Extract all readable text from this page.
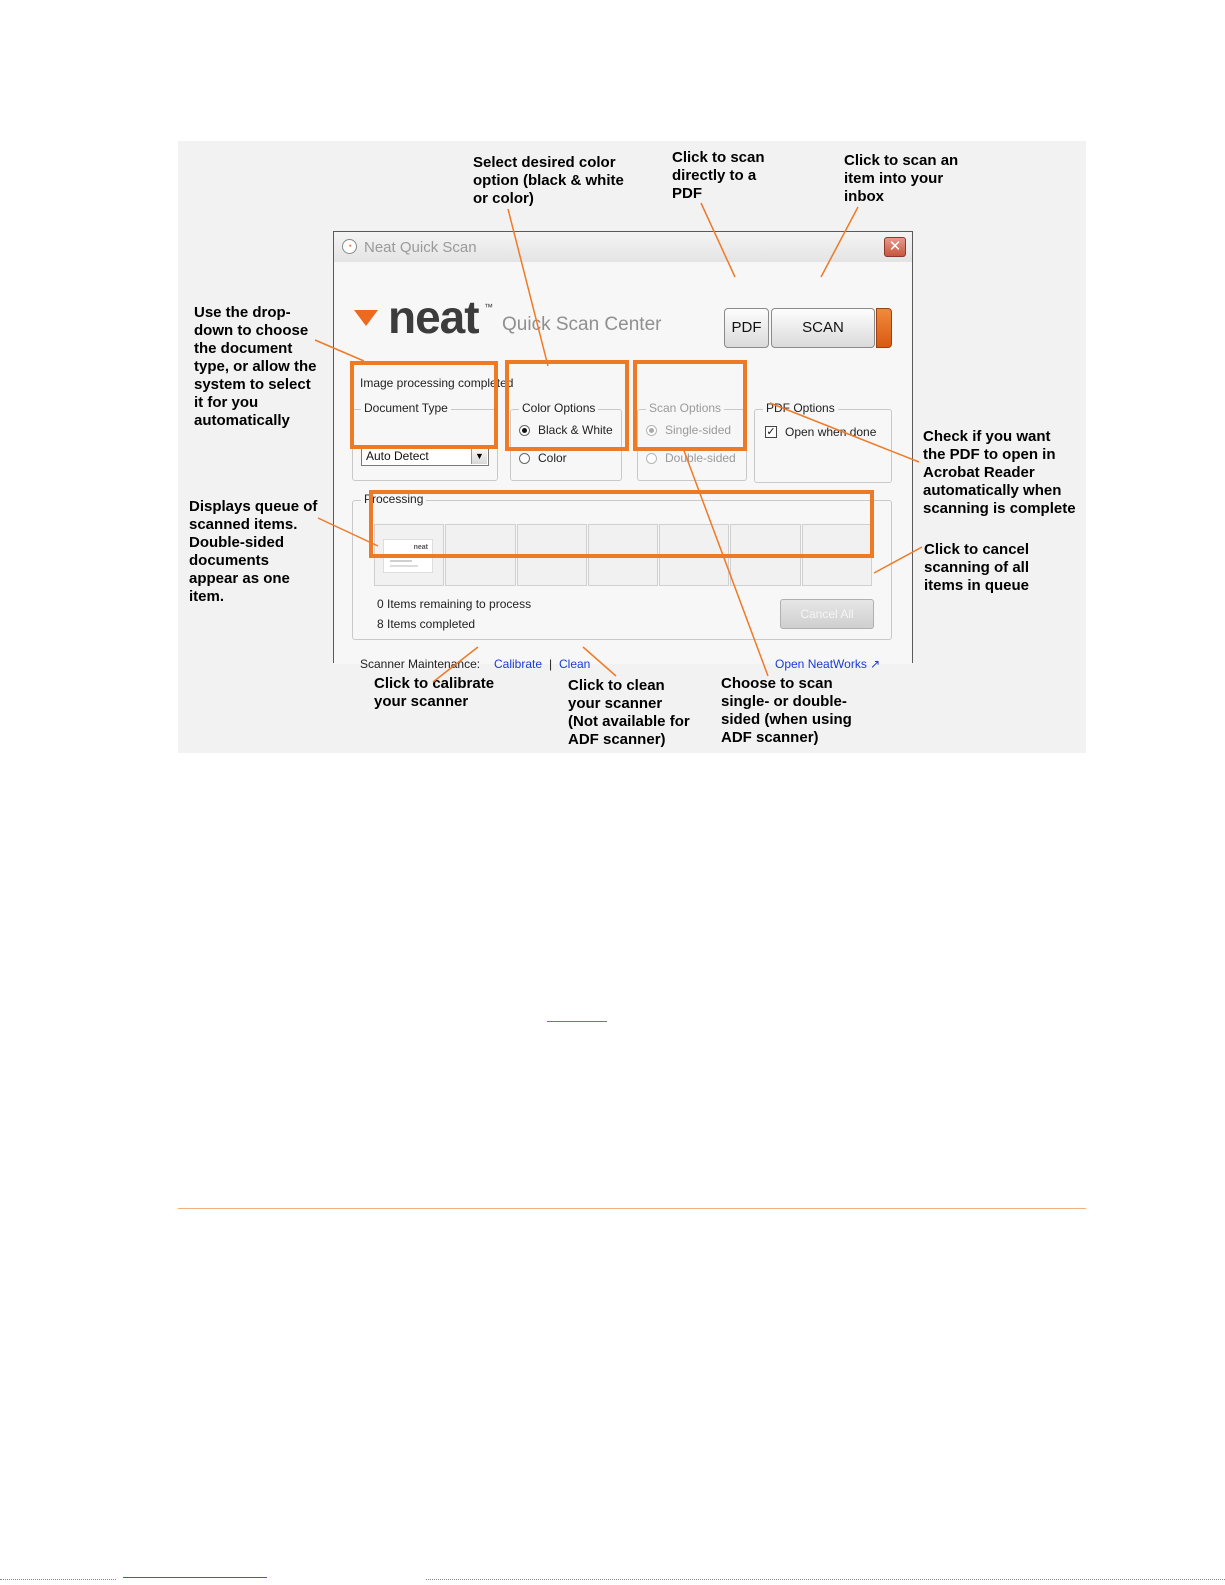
Select desired color
option (black & white
or color)
Click to scan
directly to a
PDF
Click to scan an
item into your
inbox
Use the drop-
down to choose
the document
type, or allow the
system to select
it for you
automatically
Check if you want
the PDF to open in
Acrobat Reader
automatically when
scanning is complete
Displays queue of
scanned items.
Double-sided
documents
appear as one
item.
Click to cancel
scanning of all
items in queue
Click to calibrate
your scanner
Click to clean
your scanner
(Not available for
ADF scanner)
Choose to scan
single- or double-
sided (when using
ADF scanner)
◔ Neat Quick Scan	✕
neat ™
Quick Scan Center	PDF	SCAN
Image processing completed
Document Type
Auto Detect	▼
Color Options
Black & White
Color
Scan Options
Single-sided
Double-sided
PDF Options
✓ Open when done
Processing
neat
0 Items remaining to process
8 Items completed
Cancel All
Scanner Maintenance: Calibrate | Clean	Open NeatWorks ↗
